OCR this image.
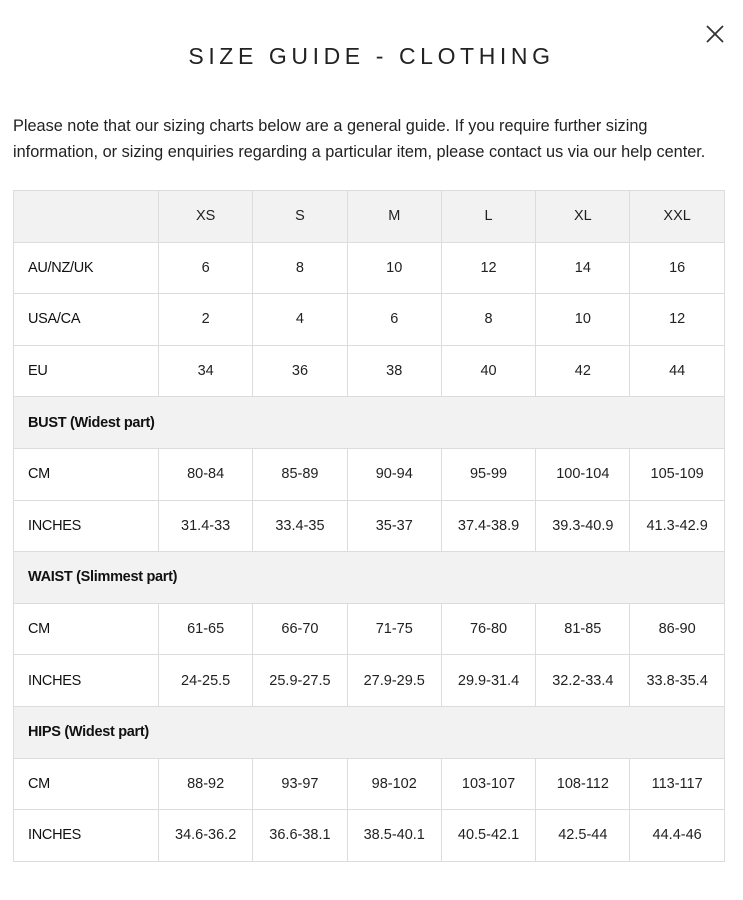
SIZE GUIDE - CLOTHING

Please note that our sizing charts below are a general guide. If you require further sizing information, or sizing enquiries regarding a particular item, please contact us via our help center.

	XS	S	M	L	XL	XXL
AU/NZ/UK	6	8	10	12	14	16
USA/CA	2	4	6	8	10	12
EU	34	36	38	40	42	44
BUST (Widest part)						
CM	80-84	85-89	90-94	95-99	100-104	105-109
INCHES	31.4-33	33.4-35	35-37	37.4-38.9	39.3-40.9	41.3-42.9
WAIST (Slimmest part)						
CM	61-65	66-70	71-75	76-80	81-85	86-90
INCHES	24-25.5	25.9-27.5	27.9-29.5	29.9-31.4	32.2-33.4	33.8-35.4
HIPS (Widest part)						
CM	88-92	93-97	98-102	103-107	108-112	113-117
INCHES	34.6-36.2	36.6-38.1	38.5-40.1	40.5-42.1	42.5-44	44.4-46
